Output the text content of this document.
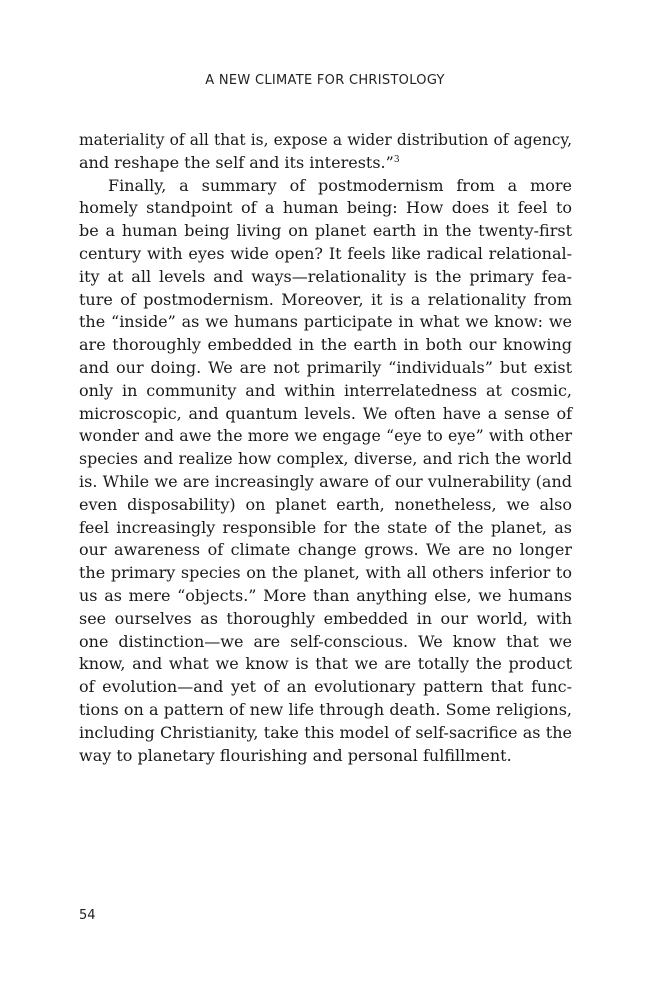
A NEW CLIMATE FOR CHRISTOLOGY
materiality of all that is, expose a wider distribution of agency,
and reshape the self and its interests.”$^3$
Finally, a summary of postmodernism from a more
homely standpoint of a human being: How does it feel to
be a human being living on planet earth in the twenty-first
century with eyes wide open? It feels like radical relational-
ity at all levels and ways—relationality is the primary fea-
ture of postmodernism. Moreover, it is a relationality from
the “inside” as we humans participate in what we know: we
are thoroughly embedded in the earth in both our knowing
and our doing. We are not primarily “individuals” but exist
only in community and within interrelatedness at cosmic,
microscopic, and quantum levels. We often have a sense of
wonder and awe the more we engage “eye to eye” with other
species and realize how complex, diverse, and rich the world
is. While we are increasingly aware of our vulnerability (and
even disposability) on planet earth, nonetheless, we also
feel increasingly responsible for the state of the planet, as
our awareness of climate change grows. We are no longer
the primary species on the planet, with all others inferior to
us as mere “objects.” More than anything else, we humans
see ourselves as thoroughly embedded in our world, with
one distinction—we are self-conscious. We know that we
know, and what we know is that we are totally the product
of evolution—and yet of an evolutionary pattern that func-
tions on a pattern of new life through death. Some religions,
including Christianity, take this model of self-sacrifice as the
way to planetary flourishing and personal fulfillment.
54
